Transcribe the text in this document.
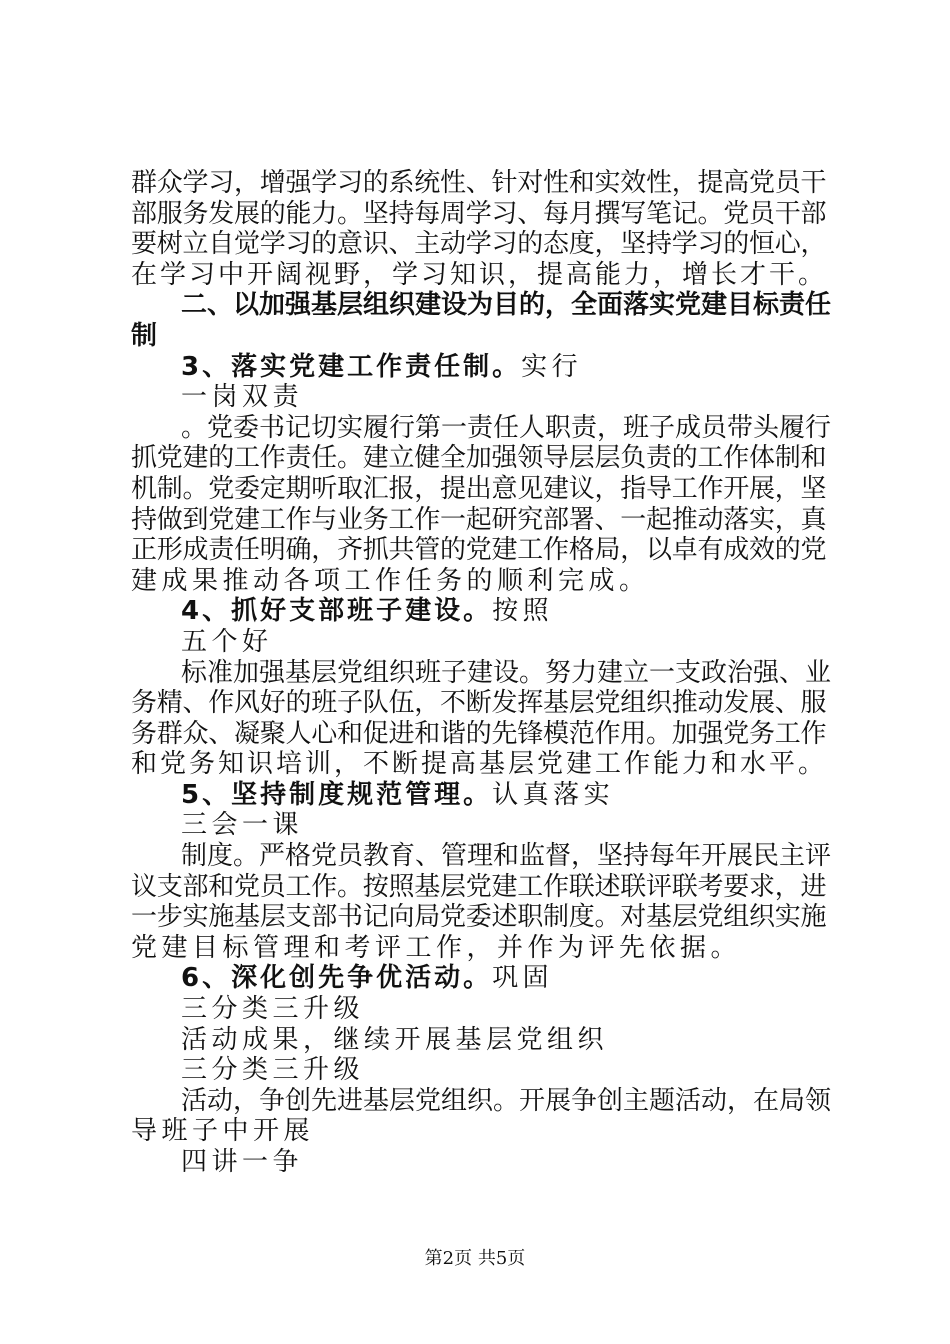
群众学习，增强学习的系统性、针对性和实效性，提高党员干
部服务发展的能力。坚持每周学习、每月撰写笔记。党员干部
要树立自觉学习的意识、主动学习的态度，坚持学习的恒心，
在学习中开阔视野，学习知识，提高能力，增长才干。
二、以加强基层组织建设为目的，全面落实党建目标责任
制
3、落实党建工作责任制。实行
一岗双责
。党委书记切实履行第一责任人职责，班子成员带头履行
抓党建的工作责任。建立健全加强领导层层负责的工作体制和
机制。党委定期听取汇报，提出意见建议，指导工作开展，坚
持做到党建工作与业务工作一起研究部署、一起推动落实，真
正形成责任明确，齐抓共管的党建工作格局，以卓有成效的党
建成果推动各项工作任务的顺利完成。
4、抓好支部班子建设。按照
五个好
标准加强基层党组织班子建设。努力建立一支政治强、业
务精、作风好的班子队伍，不断发挥基层党组织推动发展、服
务群众、凝聚人心和促进和谐的先锋模范作用。加强党务工作
和党务知识培训，不断提高基层党建工作能力和水平。
5、坚持制度规范管理。认真落实
三会一课
制度。严格党员教育、管理和监督，坚持每年开展民主评
议支部和党员工作。按照基层党建工作联述联评联考要求，进
一步实施基层支部书记向局党委述职制度。对基层党组织实施
党建目标管理和考评工作，并作为评先依据。
6、深化创先争优活动。巩固
三分类三升级
活动成果，继续开展基层党组织
三分类三升级
活动，争创先进基层党组织。开展争创主题活动，在局领
导班子中开展
四讲一争
第2页 共5页
